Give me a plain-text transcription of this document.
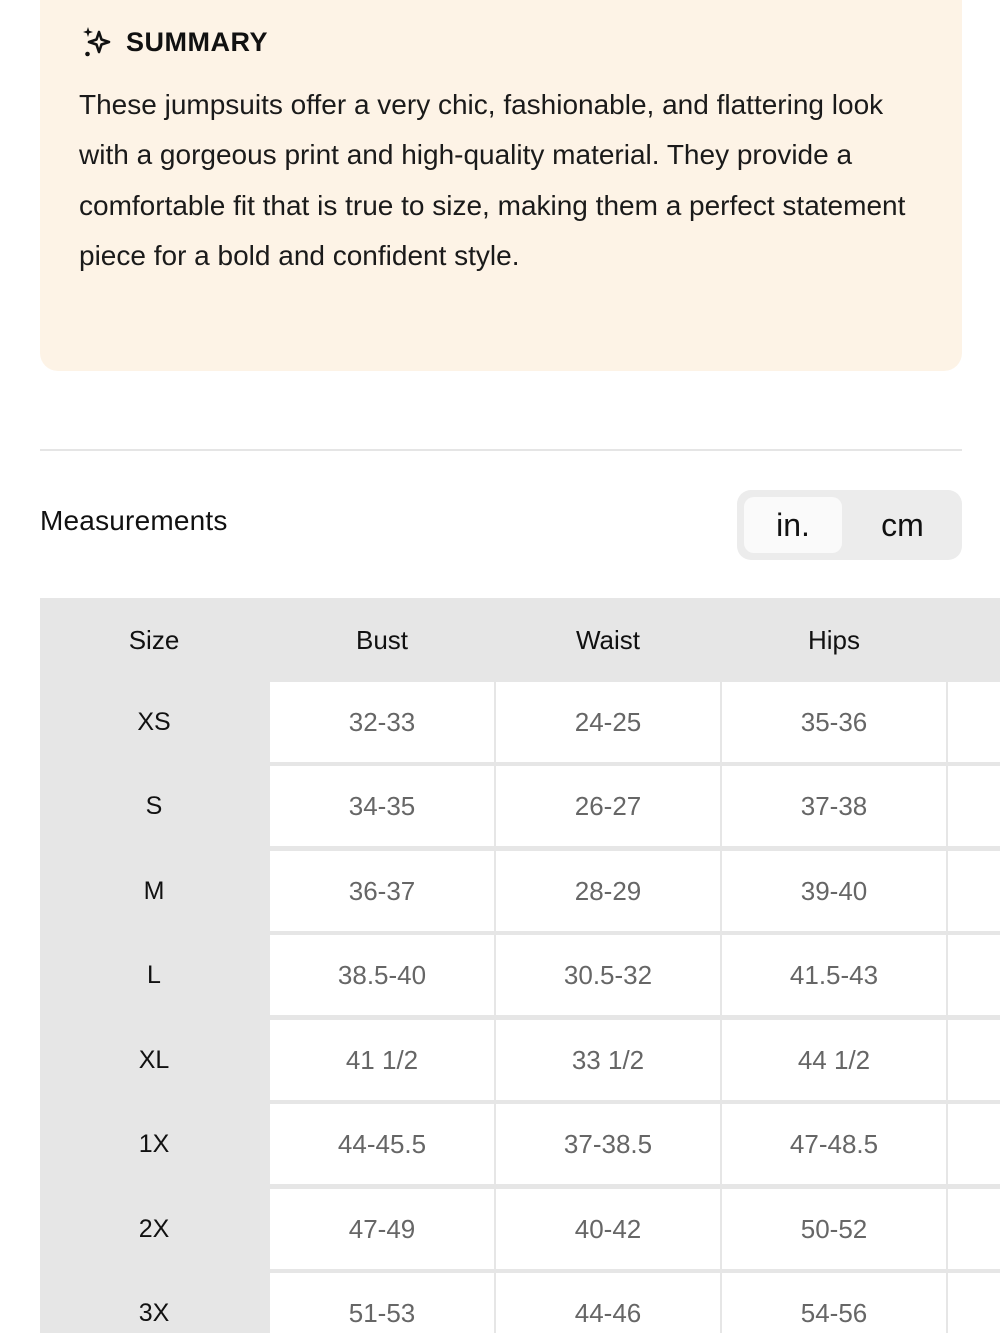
SUMMARY

These jumpsuits offer a very chic, fashionable, and flattering look with a gorgeous print and high-quality material. They provide a comfortable fit that is true to size, making them a perfect statement piece for a bold and confident style.

Measurements	in.	cm
Size	Bust	Waist	Hips
XS	32-33	24-25	35-36
S	34-35	26-27	37-38
M	36-37	28-29	39-40
L	38.5-40	30.5-32	41.5-43
XL	41 1/2	33 1/2	44 1/2
1X	44-45.5	37-38.5	47-48.5
2X	47-49	40-42	50-52
3X	51-53	44-46	54-56
